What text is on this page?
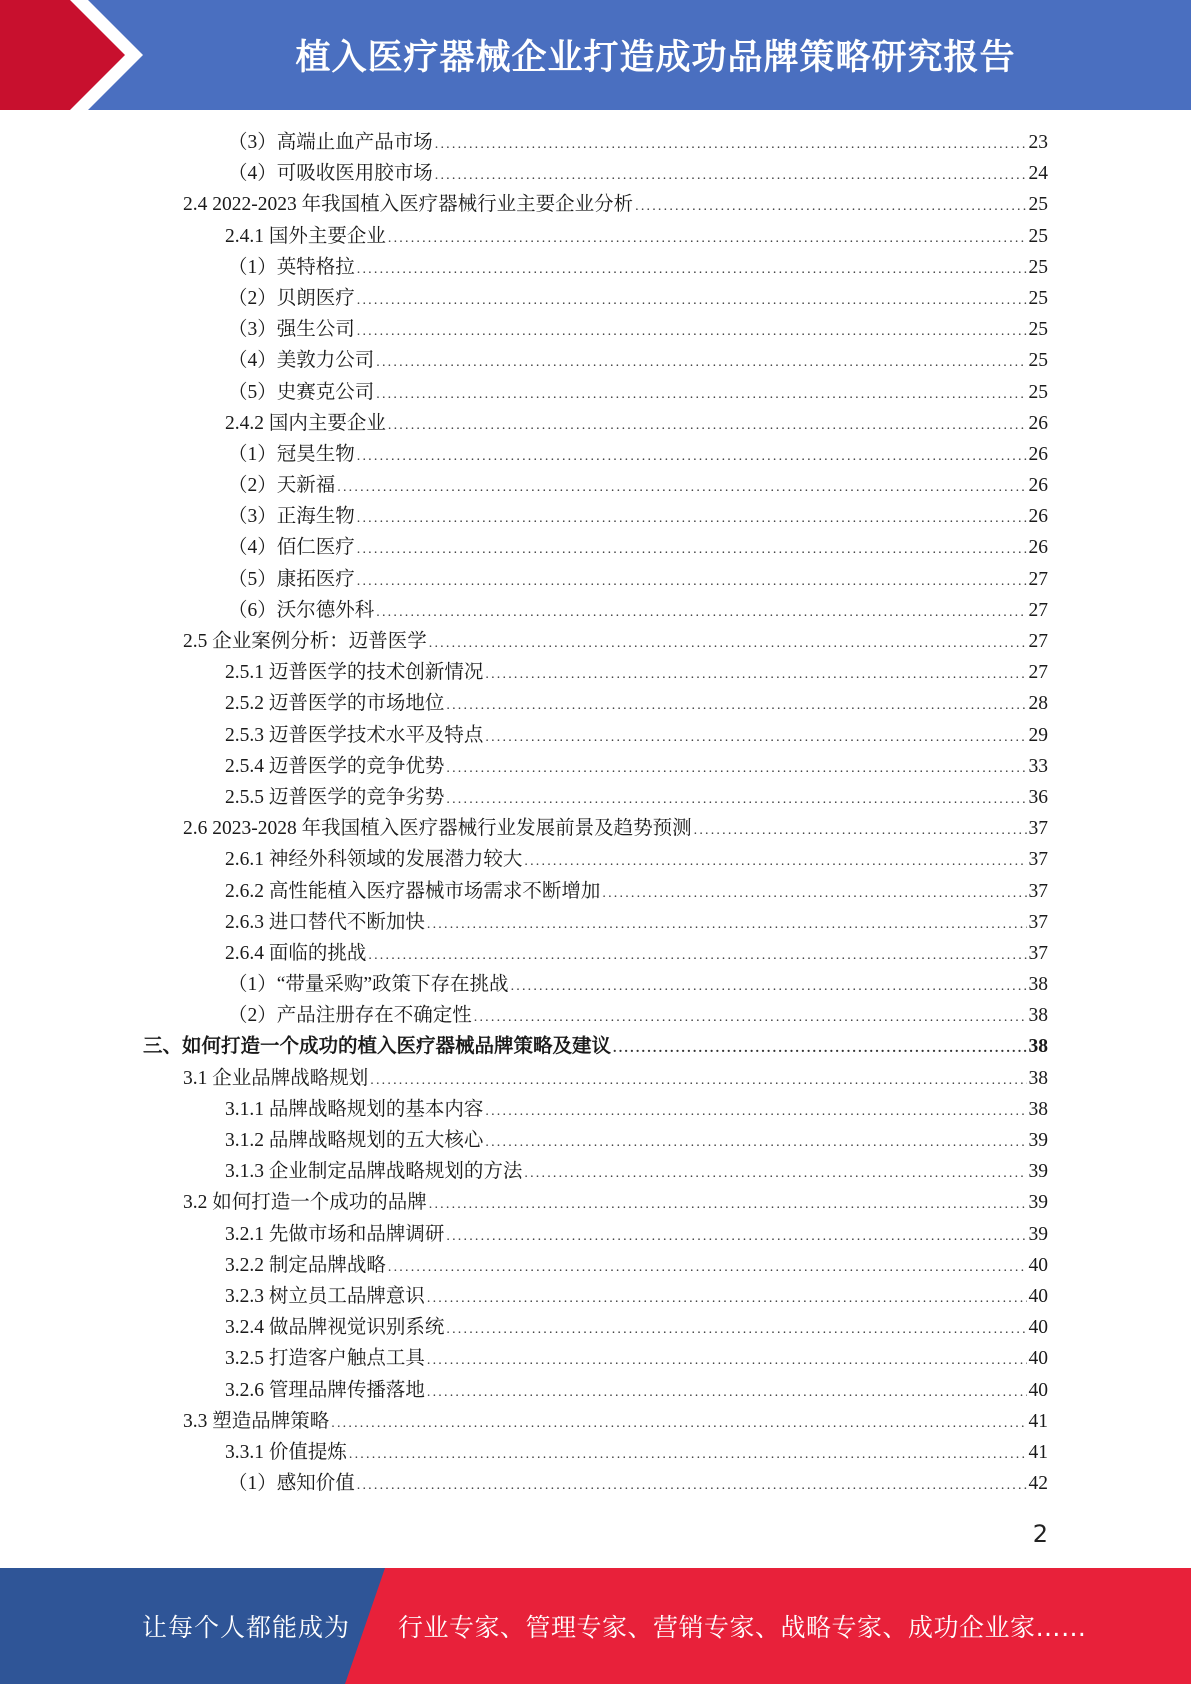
植入医疗器械企业打造成功品牌策略研究报告
（3）高端止血产品市场 .....	23
（4）可吸收医用胶市场 .....	24
2.4 2022-2023 年我国植入医疗器械行业主要企业分析 .....	25
2.4.1 国外主要企业 .....	25
（1）英特格拉 .....	25
（2）贝朗医疗 .....	25
（3）强生公司 .....	25
（4）美敦力公司 .....	25
（5）史赛克公司 .....	25
2.4.2 国内主要企业 .....	26
（1）冠昊生物 .....	26
（2）天新福 .....	26
（3）正海生物 .....	26
（4）佰仁医疗 .....	26
（5）康拓医疗 .....	27
（6）沃尔德外科 .....	27
2.5 企业案例分析：迈普医学 .....	27
2.5.1 迈普医学的技术创新情况 .....	27
2.5.2 迈普医学的市场地位 .....	28
2.5.3 迈普医学技术水平及特点 .....	29
2.5.4 迈普医学的竞争优势 .....	33
2.5.5 迈普医学的竞争劣势 .....	36
2.6 2023-2028 年我国植入医疗器械行业发展前景及趋势预测 .....	37
2.6.1 神经外科领域的发展潜力较大 .....	37
2.6.2 高性能植入医疗器械市场需求不断增加 .....	37
2.6.3 进口替代不断加快 .....	37
2.6.4 面临的挑战 .....	37
（1）“带量采购”政策下存在挑战 .....	38
（2）产品注册存在不确定性 .....	38
三、如何打造一个成功的植入医疗器械品牌策略及建议 .....	38
3.1 企业品牌战略规划 .....	38
3.1.1 品牌战略规划的基本内容 .....	38
3.1.2 品牌战略规划的五大核心 .....	39
3.1.3 企业制定品牌战略规划的方法 .....	39
3.2 如何打造一个成功的品牌 .....	39
3.2.1 先做市场和品牌调研 .....	39
3.2.2 制定品牌战略 .....	40
3.2.3 树立员工品牌意识 .....	40
3.2.4 做品牌视觉识别系统 .....	40
3.2.5 打造客户触点工具 .....	40
3.2.6 管理品牌传播落地 .....	40
3.3 塑造品牌策略 .....	41
3.3.1 价值提炼 .....	41
（1）感知价值 .....	42
2
让每个人都能成为 行业专家、管理专家、营销专家、战略专家、成功企业家……
